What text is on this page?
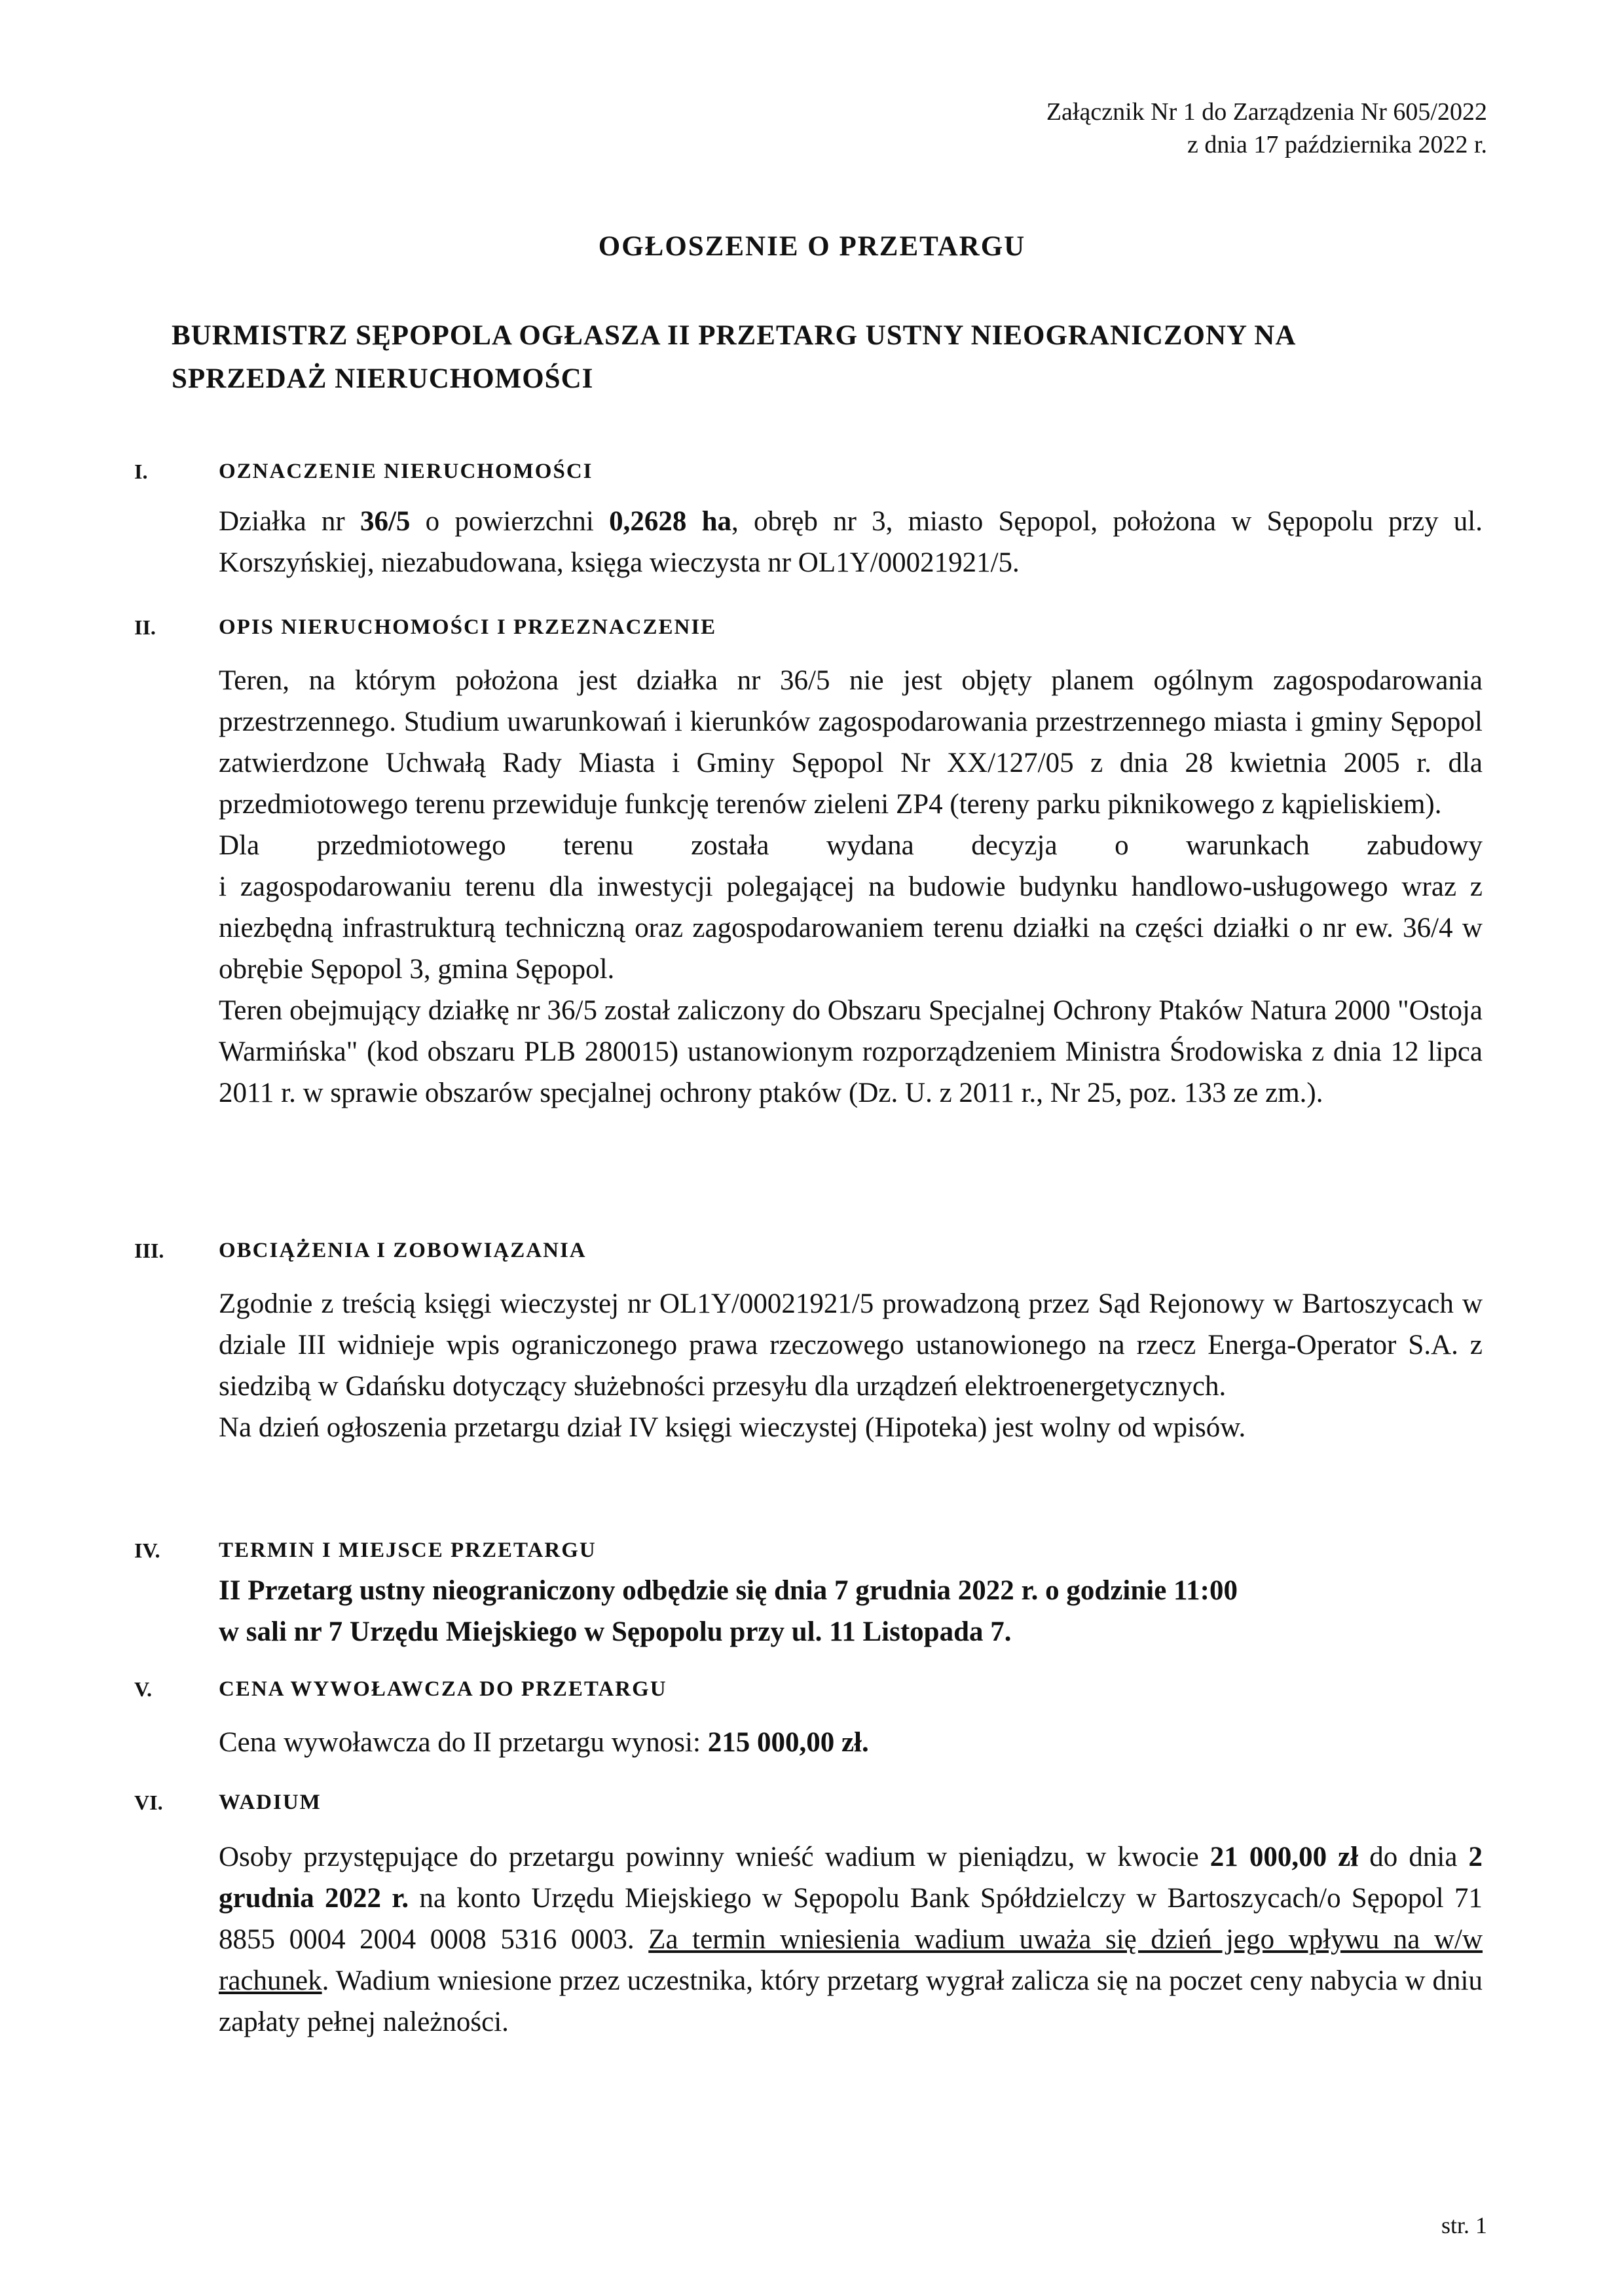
Załącznik Nr 1 do Zarządzenia Nr 605/2022
z dnia 17 października 2022 r.
OGŁOSZENIE O PRZETARGU
BURMISTRZ SĘPOPOLA OGŁASZA II PRZETARG USTNY NIEOGRANICZONY NA
SPRZEDAŻ NIERUCHOMOŚCI
I.	OZNACZENIE NIERUCHOMOŚCI

Działka nr 36/5 o powierzchni 0,2628 ha, obręb nr 3, miasto Sępopol, położona w Sępopolu przy ul. Korszyńskiej, niezabudowana, księga wieczysta nr OL1Y/00021921/5.

II.	OPIS NIERUCHOMOŚCI I PRZEZNACZENIE

Teren, na którym położona jest działka nr 36/5 nie jest objęty planem ogólnym zagospodarowania przestrzennego. Studium uwarunkowań i kierunków zagospodarowania przestrzennego miasta i gminy Sępopol zatwierdzone Uchwałą Rady Miasta i Gminy Sępopol Nr XX/127/05 z dnia 28 kwietnia 2005 r. dla przedmiotowego terenu przewiduje funkcję terenów zieleni ZP4 (tereny parku piknikowego z kąpieliskiem).

Dla przedmiotowego terenu została wydana decyzja o warunkach zabudowy

i zagospodarowaniu terenu dla inwestycji polegającej na budowie budynku handlowo-usługowego wraz z niezbędną infrastrukturą techniczną oraz zagospodarowaniem terenu działki na części działki o nr ew. 36/4 w obrębie Sępopol 3, gmina Sępopol.

Teren obejmujący działkę nr 36/5 został zaliczony do Obszaru Specjalnej Ochrony Ptaków Natura 2000 "Ostoja Warmińska" (kod obszaru PLB 280015) ustanowionym rozporządzeniem Ministra Środowiska z dnia 12 lipca 2011 r. w sprawie obszarów specjalnej ochrony ptaków (Dz. U. z 2011 r., Nr 25, poz. 133 ze zm.).

III.	OBCIĄŻENIA I ZOBOWIĄZANIA

Zgodnie z treścią księgi wieczystej nr OL1Y/00021921/5 prowadzoną przez Sąd Rejonowy w Bartoszycach w dziale III widnieje wpis ograniczonego prawa rzeczowego ustanowionego na rzecz Energa-Operator S.A. z siedzibą w Gdańsku dotyczący służebności przesyłu dla urządzeń elektroenergetycznych.

Na dzień ogłoszenia przetargu dział IV księgi wieczystej (Hipoteka) jest wolny od wpisów.

IV.	TERMIN I MIEJSCE PRZETARGU
II Przetarg ustny nieograniczony odbędzie się dnia 7 grudnia 2022 r. o godzinie 11:00
w sali nr 7 Urzędu Miejskiego w Sępopolu przy ul. 11 Listopada 7.
V.	CENA WYWOŁAWCZA DO PRZETARGU

Cena wywoławcza do II przetargu wynosi: 215 000,00 zł.

VI.	WADIUM

Osoby przystępujące do przetargu powinny wnieść wadium w pieniądzu, w kwocie 21 000,00 zł do dnia 2 grudnia 2022 r. na konto Urzędu Miejskiego w Sępopolu Bank Spółdzielczy w Bartoszycach/o Sępopol 71 8855 0004 2004 0008 5316 0003. Za termin wniesienia wadium uważa się dzień jego wpływu na w/w rachunek. Wadium wniesione przez uczestnika, który przetarg wygrał zalicza się na poczet ceny nabycia w dniu zapłaty pełnej należności.

str. 1
